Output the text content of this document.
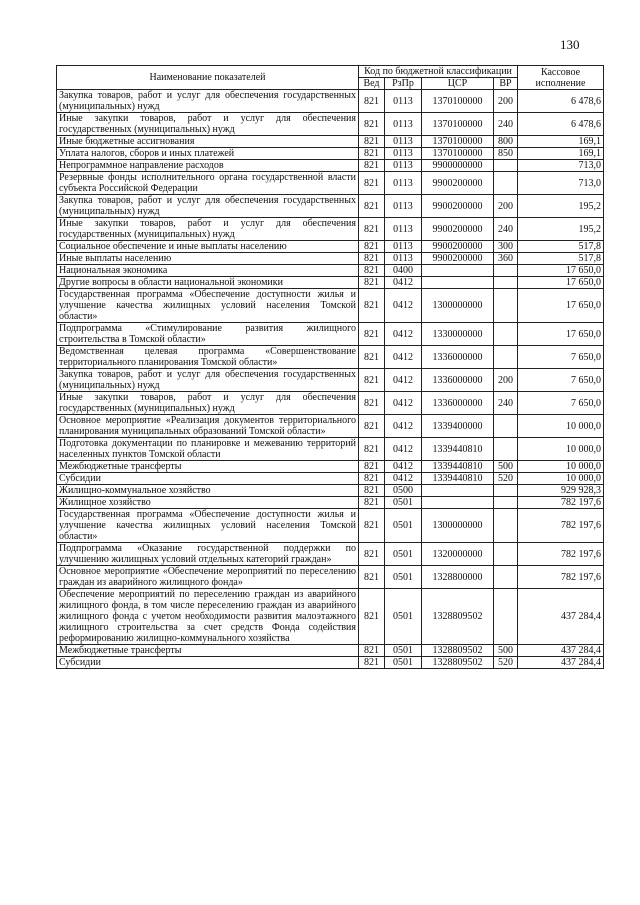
130
Наименование показателей	Код по бюджетной классификации				Кассовое исполнение
	Вед	РзПр	ЦСР	ВР	
Закупка товаров, работ и услуг для обеспечения государственных (муниципальных) нужд	821	0113	1370100000	200	6 478,6
Иные закупки товаров, работ и услуг для обеспечения государственных (муниципальных) нужд	821	0113	1370100000	240	6 478,6
Иные бюджетные ассигнования	821	0113	1370100000	800	169,1
Уплата налогов, сборов и иных платежей	821	0113	1370100000	850	169,1
Непрограммное направление расходов	821	0113	9900000000		713,0
Резервные фонды исполнительного органа государственной власти субъекта Российской Федерации	821	0113	9900200000		713,0
Закупка товаров, работ и услуг для обеспечения государственных (муниципальных) нужд	821	0113	9900200000	200	195,2
Иные закупки товаров, работ и услуг для обеспечения государственных (муниципальных) нужд	821	0113	9900200000	240	195,2
Социальное обеспечение и иные выплаты населению	821	0113	9900200000	300	517,8
Иные выплаты населению	821	0113	9900200000	360	517,8
Национальная экономика	821	0400			17 650,0
Другие вопросы в области национальной экономики	821	0412			17 650,0
Государственная программа «Обеспечение доступности жилья и улучшение качества жилищных условий населения Томской области»	821	0412	1300000000		17 650,0
Подпрограмма «Стимулирование развития жилищного строительства в Томской области»	821	0412	1330000000		17 650,0
Ведомственная целевая программа «Совершенствование территориального планирования Томской области»	821	0412	1336000000		7 650,0
Закупка товаров, работ и услуг для обеспечения государственных (муниципальных) нужд	821	0412	1336000000	200	7 650,0
Иные закупки товаров, работ и услуг для обеспечения государственных (муниципальных) нужд	821	0412	1336000000	240	7 650,0
Основное мероприятие «Реализация документов территориального планирования муниципальных образований Томской области»	821	0412	1339400000		10 000,0
Подготовка документации по планировке и межеванию территорий населенных пунктов Томской области	821	0412	1339440810		10 000,0
Межбюджетные трансферты	821	0412	1339440810	500	10 000,0
Субсидии	821	0412	1339440810	520	10 000,0
Жилищно-коммунальное хозяйство	821	0500			929 928,3
Жилищное хозяйство	821	0501			782 197,6
Государственная программа «Обеспечение доступности жилья и улучшение качества жилищных условий населения Томской области»	821	0501	1300000000		782 197,6
Подпрограмма «Оказание государственной поддержки по улучшению жилищных условий отдельных категорий граждан»	821	0501	1320000000		782 197,6
Основное мероприятие «Обеспечение мероприятий по переселению граждан из аварийного жилищного фонда»	821	0501	1328800000		782 197,6
Обеспечение мероприятий по переселению граждан из аварийного жилищного фонда, в том числе переселению граждан из аварийного жилищного фонда с учетом необходимости развития малоэтажного жилищного строительства за счет средств Фонда содействия реформированию жилищно-коммунального хозяйства	821	0501	1328809502		437 284,4
Межбюджетные трансферты	821	0501	1328809502	500	437 284,4
Субсидии	821	0501	1328809502	520	437 284,4
